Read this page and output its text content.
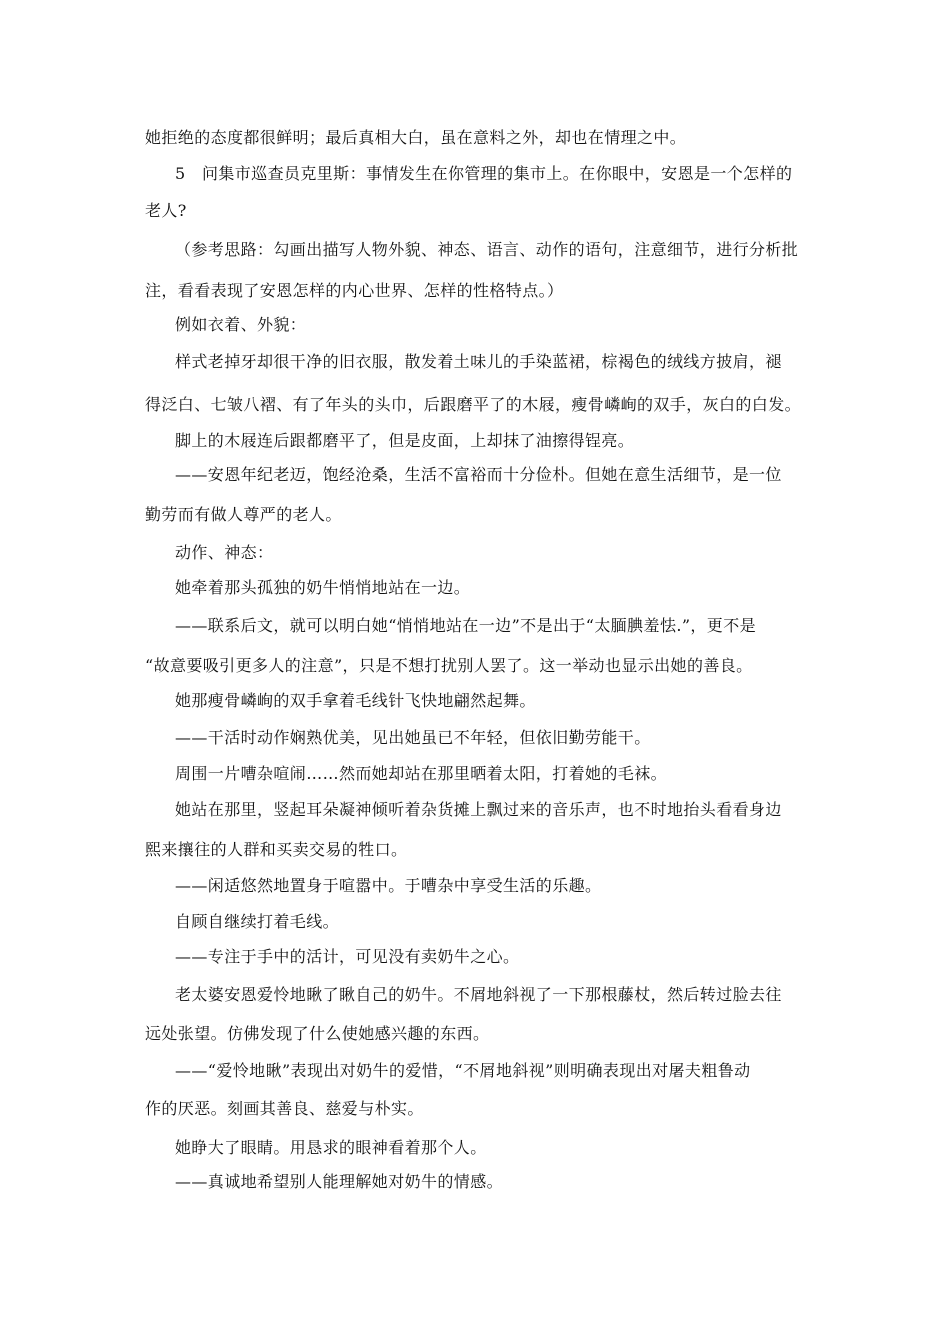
她拒绝的态度都很鲜明；最后真相大白，虽在意料之外，却也在情理之中。
5　问集市巡查员克里斯：事情发生在你管理的集市上。在你眼中，安恩是一个怎样的
老人?
（参考思路：勾画出描写人物外貌、神态、语言、动作的语句，注意细节，进行分析批
注，看看表现了安恩怎样的内心世界、怎样的性格特点。）
例如衣着、外貌：
样式老掉牙却很干净的旧衣服，散发着土味儿的手染蓝裙，棕褐色的绒线方披肩，褪
得泛白、七皱八褶、有了年头的头巾，后跟磨平了的木屐，瘦骨嶙峋的双手，灰白的白发。
脚上的木屐连后跟都磨平了，但是皮面，上却抹了油擦得锃亮。
——安恩年纪老迈，饱经沧桑，生活不富裕而十分俭朴。但她在意生活细节，是一位
勤劳而有做人尊严的老人。
动作、神态：
她牵着那头孤独的奶牛悄悄地站在一边。
——联系后文，就可以明白她“悄悄地站在一边”不是出于“太腼腆羞怯.”，更不是
“故意要吸引更多人的注意”，只是不想打扰别人罢了。这一举动也显示出她的善良。
她那瘦骨嶙峋的双手拿着毛线针飞快地翩然起舞。
——干活时动作娴熟优美，见出她虽已不年轻，但依旧勤劳能干。
周围一片嘈杂喧闹……然而她却站在那里晒着太阳，打着她的毛袜。
她站在那里，竖起耳朵凝神倾听着杂货摊上飘过来的音乐声，也不时地抬头看看身边
熙来攘往的人群和买卖交易的牲口。
——闲适悠然地置身于喧嚣中。于嘈杂中享受生活的乐趣。
自顾自继续打着毛线。
——专注于手中的活计，可见没有卖奶牛之心。
老太婆安恩爱怜地瞅了瞅自己的奶牛。不屑地斜视了一下那根藤杖，然后转过脸去往
远处张望。仿佛发现了什么使她感兴趣的东西。
——“爱怜地瞅”表现出对奶牛的爱惜，“不屑地斜视”则明确表现出对屠夫粗鲁动
作的厌恶。刻画其善良、慈爱与朴实。
她睁大了眼睛。用恳求的眼神看着那个人。
——真诚地希望别人能理解她对奶牛的情感。
